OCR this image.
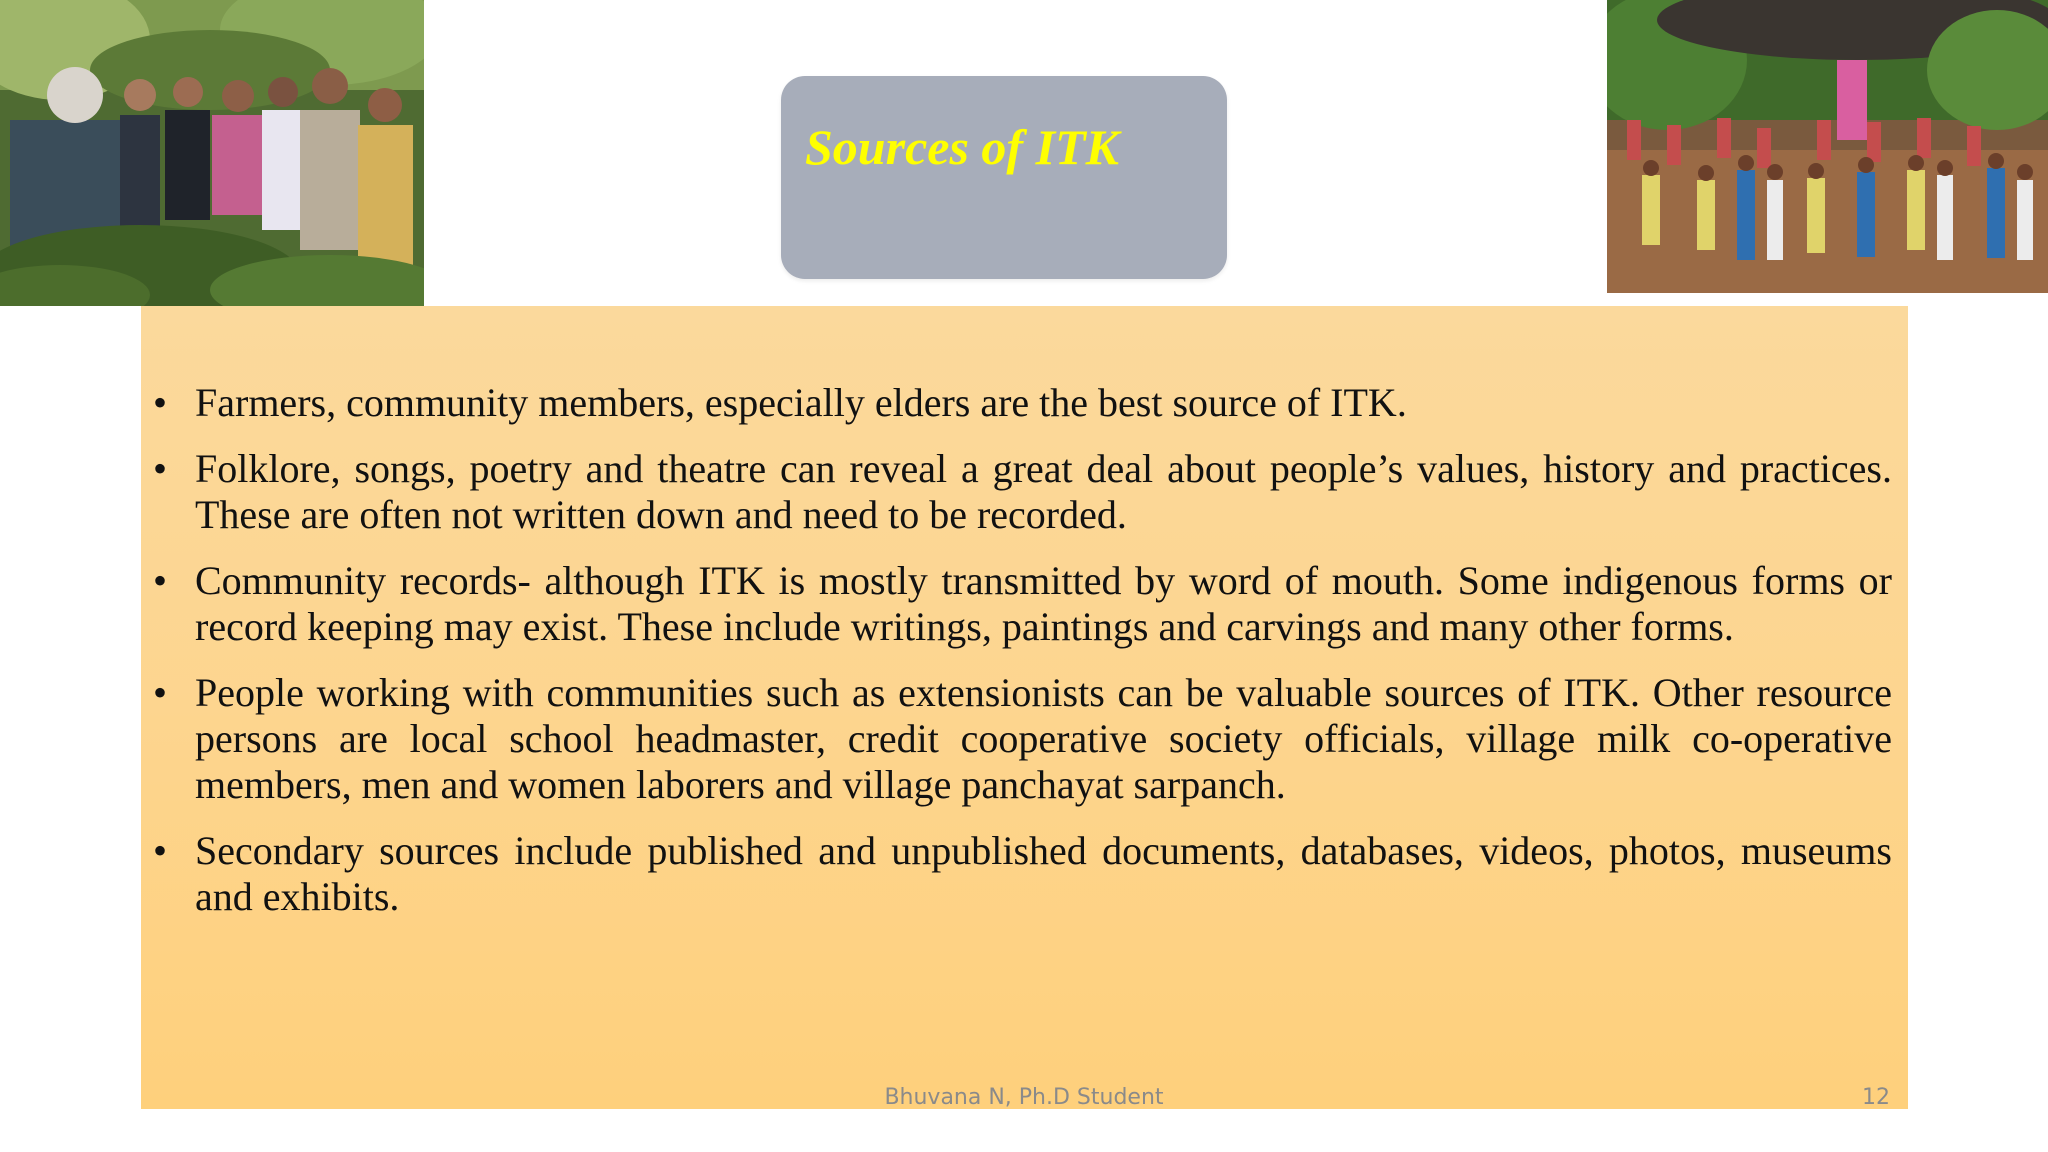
Sources of ITK
• Farmers, community members, especially elders are the best source of ITK.
• Folklore, songs, poetry and theatre can reveal a great deal about people’s values, history and practices. These are often not written down and need to be recorded.
• Community records- although ITK is mostly transmitted by word of mouth. Some indigenous forms or record keeping may exist. These include writings, paintings and carvings and many other forms.
• People working with communities such as extensionists can be valuable sources of ITK. Other resource persons are local school headmaster, credit cooperative society officials, village milk co-operative members, men and women laborers and village panchayat sarpanch.
• Secondary sources include published and unpublished documents, databases, videos, photos, museums and exhibits.
Bhuvana N, Ph.D Student	12
